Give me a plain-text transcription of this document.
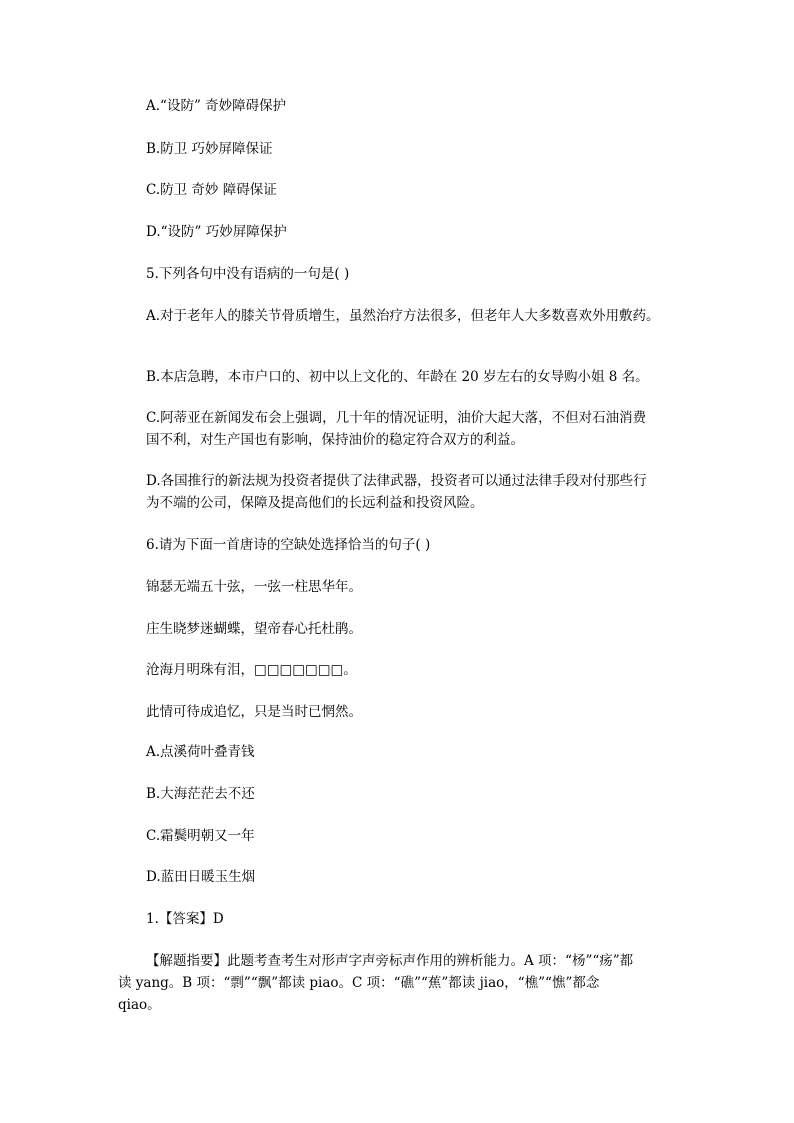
A.“设防” 奇妙障碍保护

B.防卫 巧妙屏障保证

C.防卫 奇妙 障碍保证

D.“设防” 巧妙屏障保护

5.下列各句中没有语病的一句是( )

A.对于老年人的膝关节骨质增生，虽然治疗方法很多，但老年人大多数喜欢外用敷药。

B.本店急聘，本市户口的、初中以上文化的、年龄在 20 岁左右的女导购小姐 8 名。

C.阿蒂亚在新闻发布会上强调，几十年的情况证明，油价大起大落，不但对石油消费

国不利，对生产国也有影响，保持油价的稳定符合双方的利益。

D.各国推行的新法规为投资者提供了法律武器，投资者可以通过法律手段对付那些行

为不端的公司，保障及提高他们的长远利益和投资风险。

6.请为下面一首唐诗的空缺处选择恰当的句子( )

锦瑟无端五十弦，一弦一柱思华年。

庄生晓梦迷蝴蝶，望帝春心托杜鹃。

沧海月明珠有泪，□□□□□□□。

此情可待成追忆，只是当时已惘然。

A.点溪荷叶叠青钱

B.大海茫茫去不还

C.霜鬓明朝又一年

D.蓝田日暖玉生烟

1.【答案】D

【解题指要】此题考查考生对形声字声旁标声作用的辨析能力。A 项：“杨”“疡”都

读 yang。B 项：“剽”“飘”都读 piao。C 项：“礁”“蕉”都读 jiao，“樵”“憔”都念

qiao。
